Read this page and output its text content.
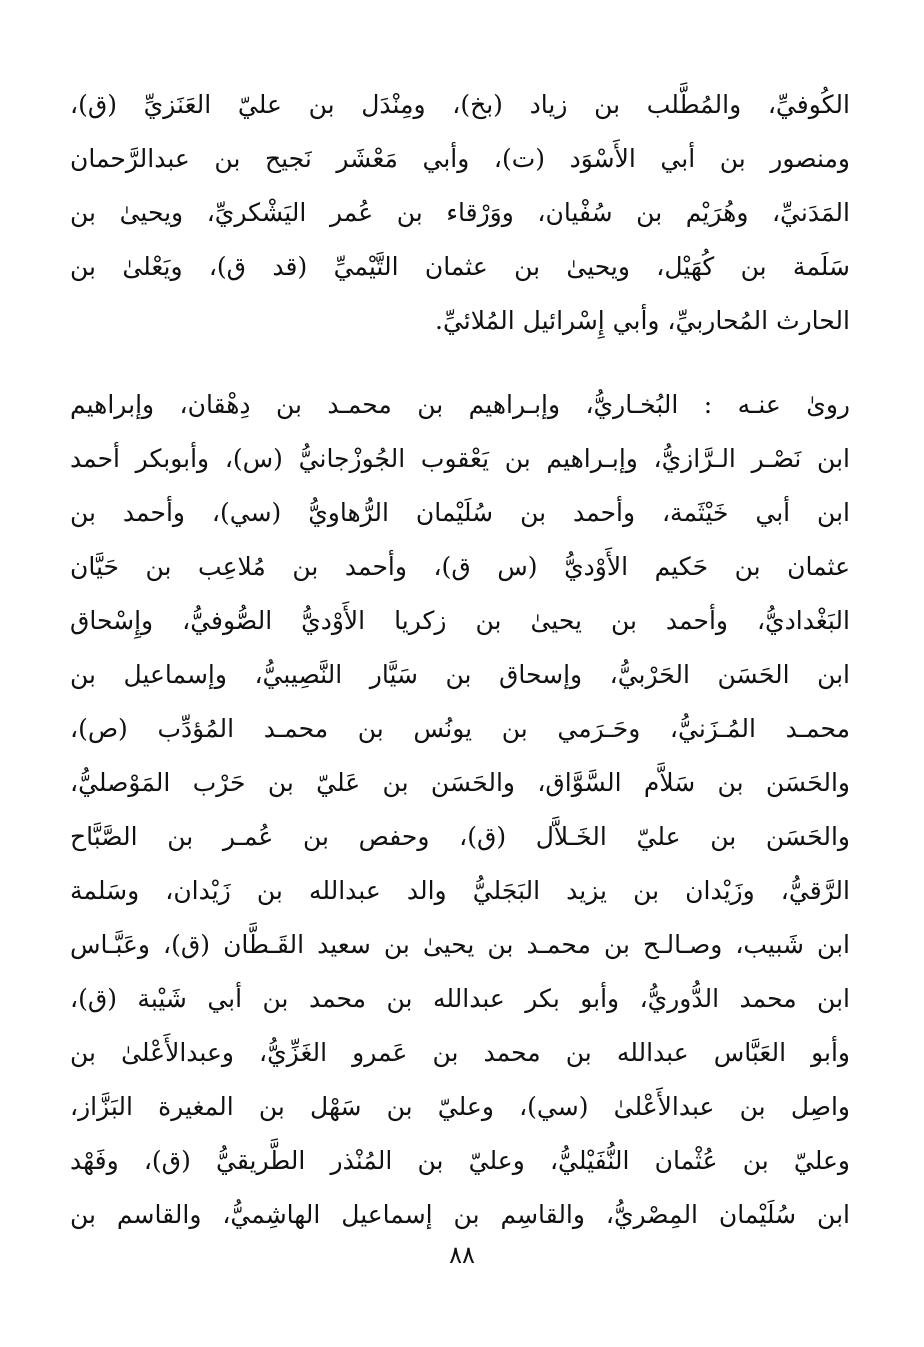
الكُوفيِّ، والمُطَّلب بن زياد (بخ)، ومِنْدَل بن عليّ العَنَزيِّ (ق)،
ومنصور بن أبي الأَسْوَد (ت)، وأبي مَعْشَر نَجيح بن عبدالرَّحمان
المَدَنيِّ، وهُرَيْم بن سُفْيان، ووَرْقاء بن عُمر اليَشْكريِّ، ويحيىٰ بن
سَلَمة بن كُهَيْل، ويحيىٰ بن عثمان التَّيْميِّ (قد ق)، ويَعْلىٰ بن
الحارث المُحاربيِّ، وأبي إِسْرائيل المُلائيِّ.
رویٰ عنـه : البُخـاريُّ، وإبـراهيم بن محمـد بن دِهْقان، وإبراهيم
ابن نَصْـر الـرَّازيُّ، وإبـراهيم بن يَعْقوب الجُوزْجانيُّ (س)، وأبوبكر أحمد
ابن أبي خَيْثَمة، وأحمد بن سُلَيْمان الرُّهاويُّ (سي)، وأحمد بن
عثمان بن حَكيم الأَوْديُّ (س ق)، وأحمد بن مُلاعِب بن حَيَّان
البَغْداديُّ، وأحمد بن يحيىٰ بن زكريا الأَوْديُّ الصُّوفيُّ، وإِسْحاق
ابن الحَسَن الحَرْبيُّ، وإسحاق بن سَيَّار النَّصِيبيُّ، وإسماعيل بن
محمـد المُـزَنيُّ، وحَـرَمي بن يونُس بن محمـد المُؤدِّب (ص)،
والحَسَن بن سَلاَّم السَّوَّاق، والحَسَن بن عَليّ بن حَرْب المَوْصليُّ،
والحَسَن بن عليّ الخَـلاَّل (ق)، وحفص بن عُمـر بن الصَّبَّاح
الرَّقيُّ، وزَيْدان بن يزيد البَجَليُّ والد عبدالله بن زَيْدان، وسَلمة
ابن شَبيب، وصـالـح بن محمـد بن يحيىٰ بن سعيد القَـطَّان (ق)، وعَبَّـاس
ابن محمد الدُّوريُّ، وأبو بكر عبدالله بن محمد بن أبي شَيْبة (ق)،
وأبو العَبَّاس عبدالله بن محمد بن عَمرو الغَزِّيُّ، وعبدالأَعْلىٰ بن
واصِل بن عبدالأَعْلىٰ (سي)، وعليّ بن سَهْل بن المغيرة البَزَّاز،
وعليّ بن عُثْمان النُّفَيْليُّ، وعليّ بن المُنْذر الطَّريقيُّ (ق)، وفَهْد
ابن سُلَيْمان المِصْريُّ، والقاسِم بن إسماعيل الهاشِميُّ، والقاسم بن
٨٨
